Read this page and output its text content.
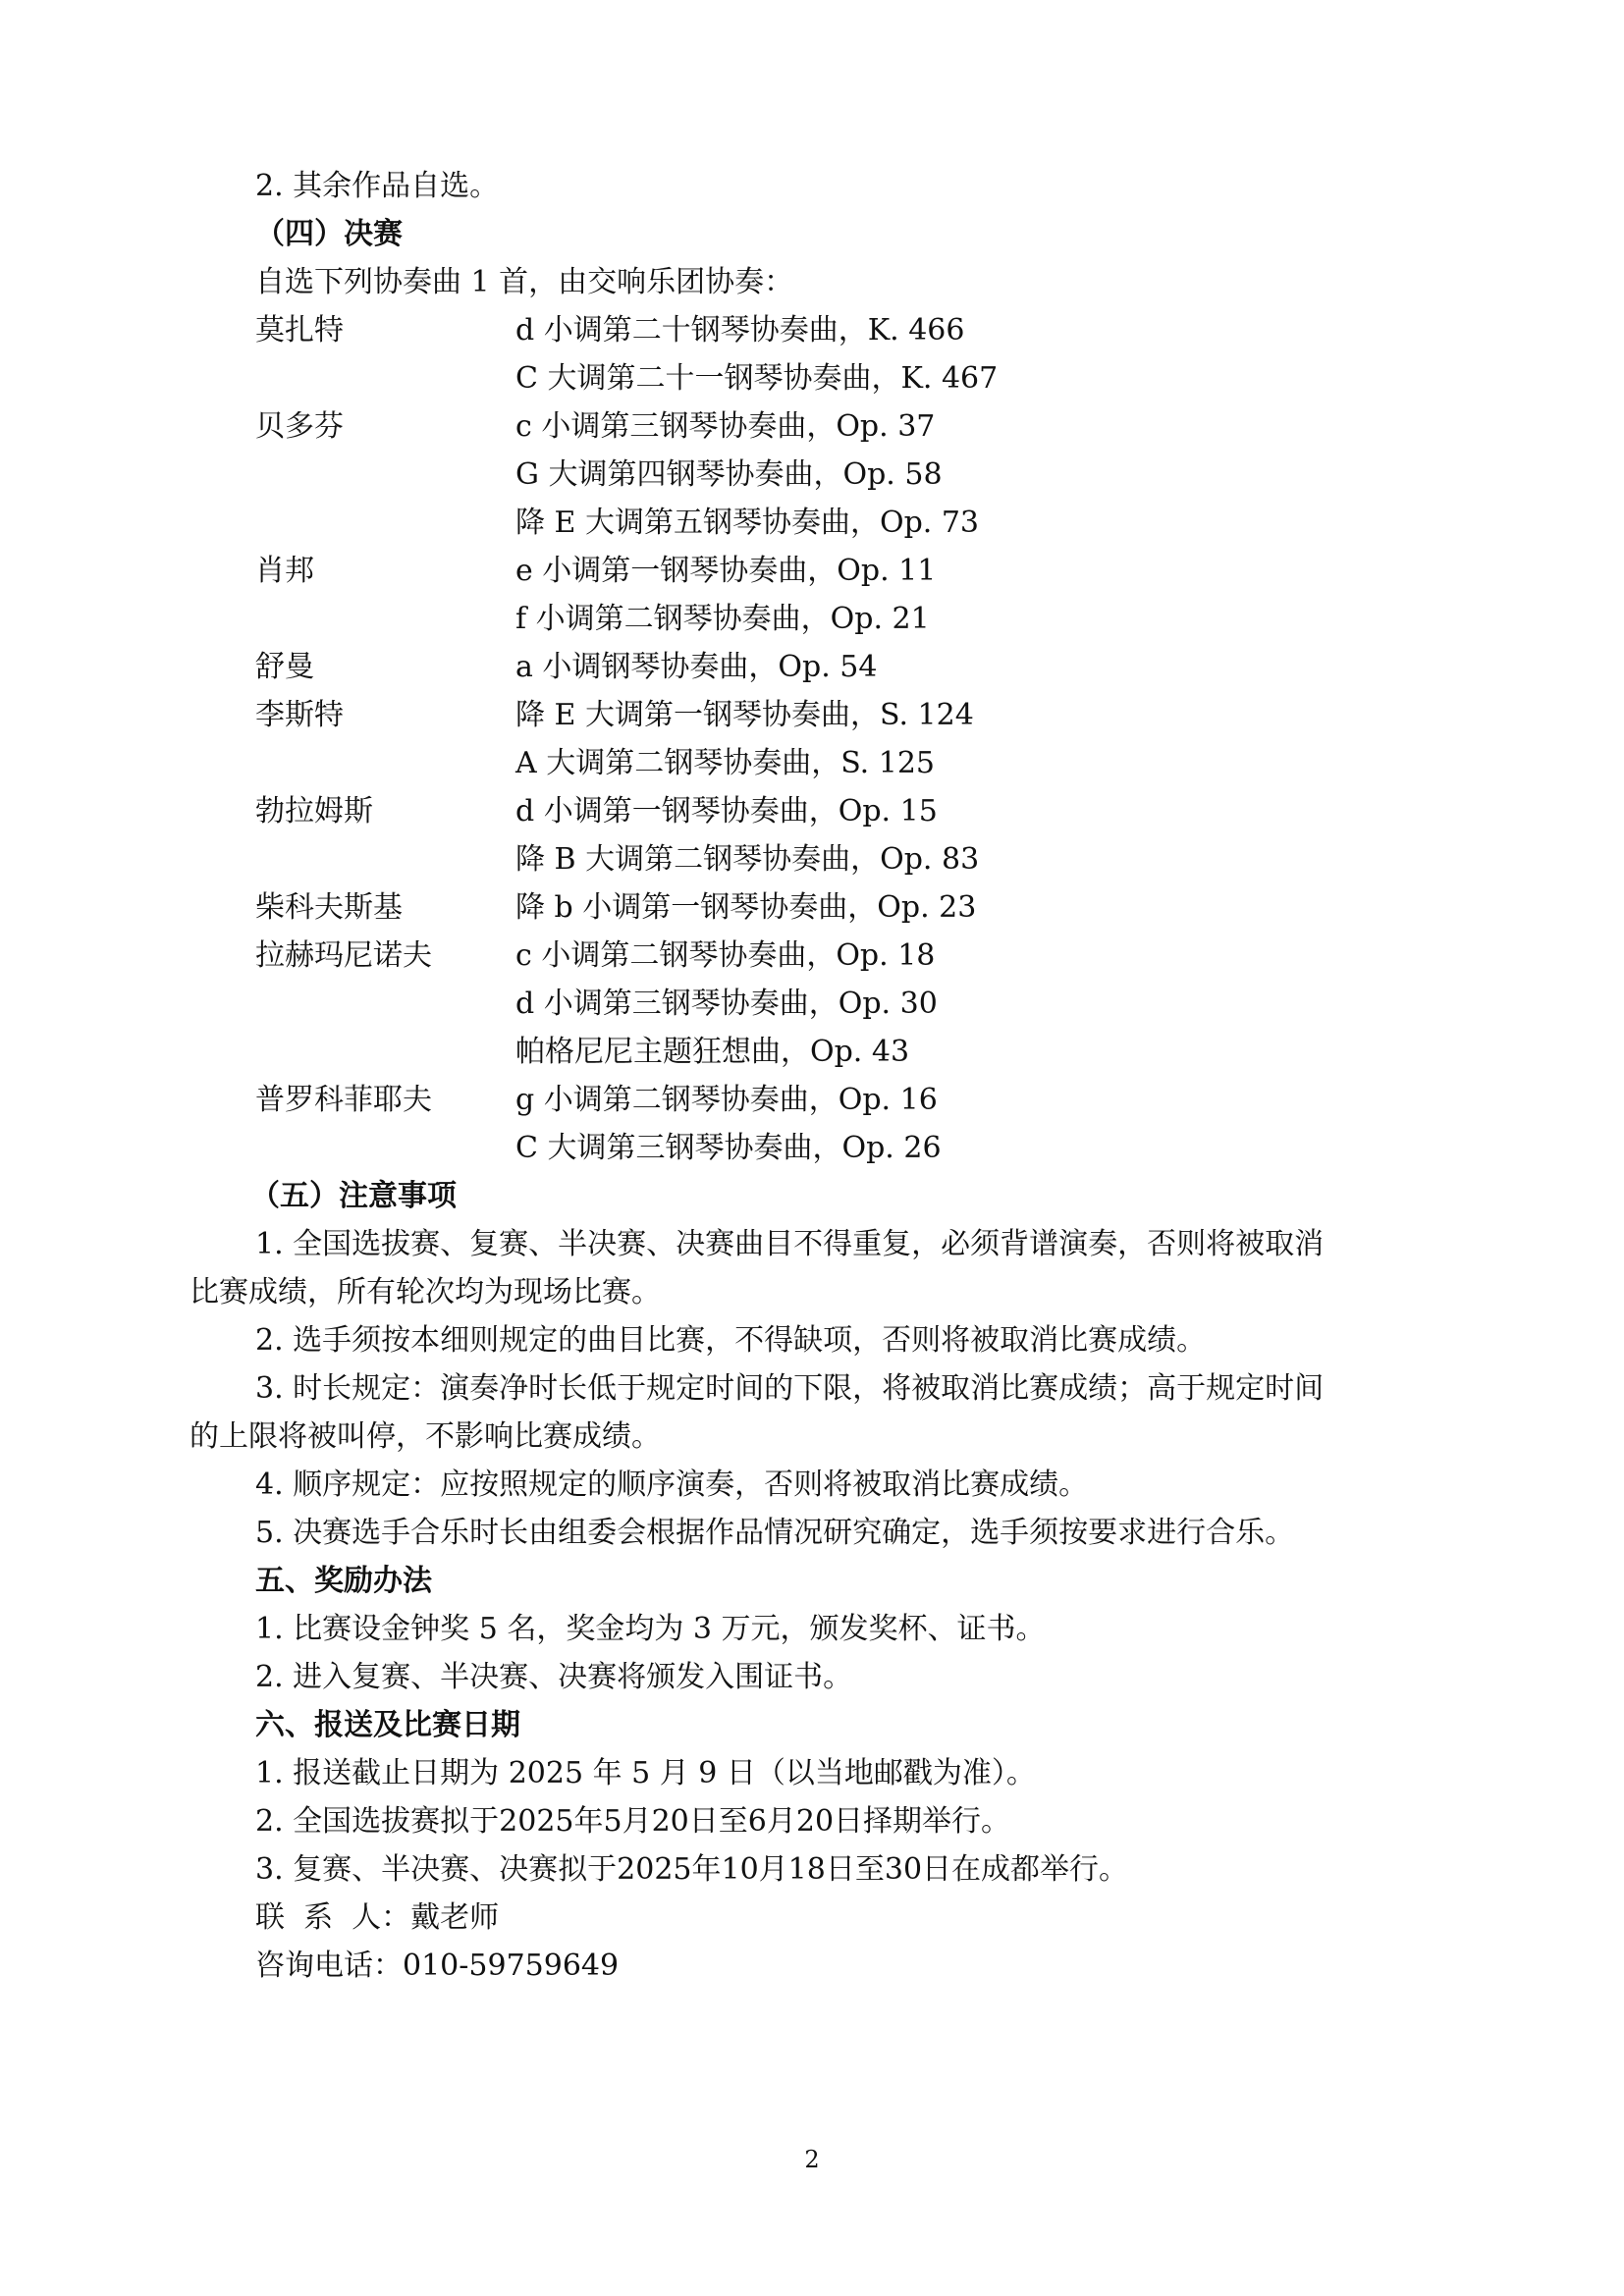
2. 其余作品自选。
（四）决赛
自选下列协奏曲 1 首，由交响乐团协奏：
莫扎特	d 小调第二十钢琴协奏曲，K. 466
C 大调第二十一钢琴协奏曲，K. 467
贝多芬	c 小调第三钢琴协奏曲，Op. 37
G 大调第四钢琴协奏曲，Op. 58
降 E 大调第五钢琴协奏曲，Op. 73
肖邦	e 小调第一钢琴协奏曲，Op. 11
f 小调第二钢琴协奏曲，Op. 21
舒曼	a 小调钢琴协奏曲，Op. 54
李斯特	降 E 大调第一钢琴协奏曲，S. 124
A 大调第二钢琴协奏曲，S. 125
勃拉姆斯	d 小调第一钢琴协奏曲，Op. 15
降 B 大调第二钢琴协奏曲，Op. 83
柴科夫斯基	降 b 小调第一钢琴协奏曲，Op. 23
拉赫玛尼诺夫	c 小调第二钢琴协奏曲，Op. 18
d 小调第三钢琴协奏曲，Op. 30
帕格尼尼主题狂想曲，Op. 43
普罗科菲耶夫	g 小调第二钢琴协奏曲，Op. 16
C 大调第三钢琴协奏曲，Op. 26
（五）注意事项
1. 全国选拔赛、复赛、半决赛、决赛曲目不得重复，必须背谱演奏，否则将被取消
比赛成绩，所有轮次均为现场比赛。
2. 选手须按本细则规定的曲目比赛，不得缺项，否则将被取消比赛成绩。
3. 时长规定：演奏净时长低于规定时间的下限，将被取消比赛成绩；高于规定时间
的上限将被叫停，不影响比赛成绩。
4. 顺序规定：应按照规定的顺序演奏，否则将被取消比赛成绩。
5. 决赛选手合乐时长由组委会根据作品情况研究确定，选手须按要求进行合乐。
五、奖励办法
1. 比赛设金钟奖 5 名，奖金均为 3 万元，颁发奖杯、证书。
2. 进入复赛、半决赛、决赛将颁发入围证书。
六、报送及比赛日期
1. 报送截止日期为 2025 年 5 月 9 日（以当地邮戳为准）。
2. 全国选拔赛拟于2025年5月20日至6月20日择期举行。
3. 复赛、半决赛、决赛拟于2025年10月18日至30日在成都举行。
联  系  人：戴老师
咨询电话：010-59759649
2
